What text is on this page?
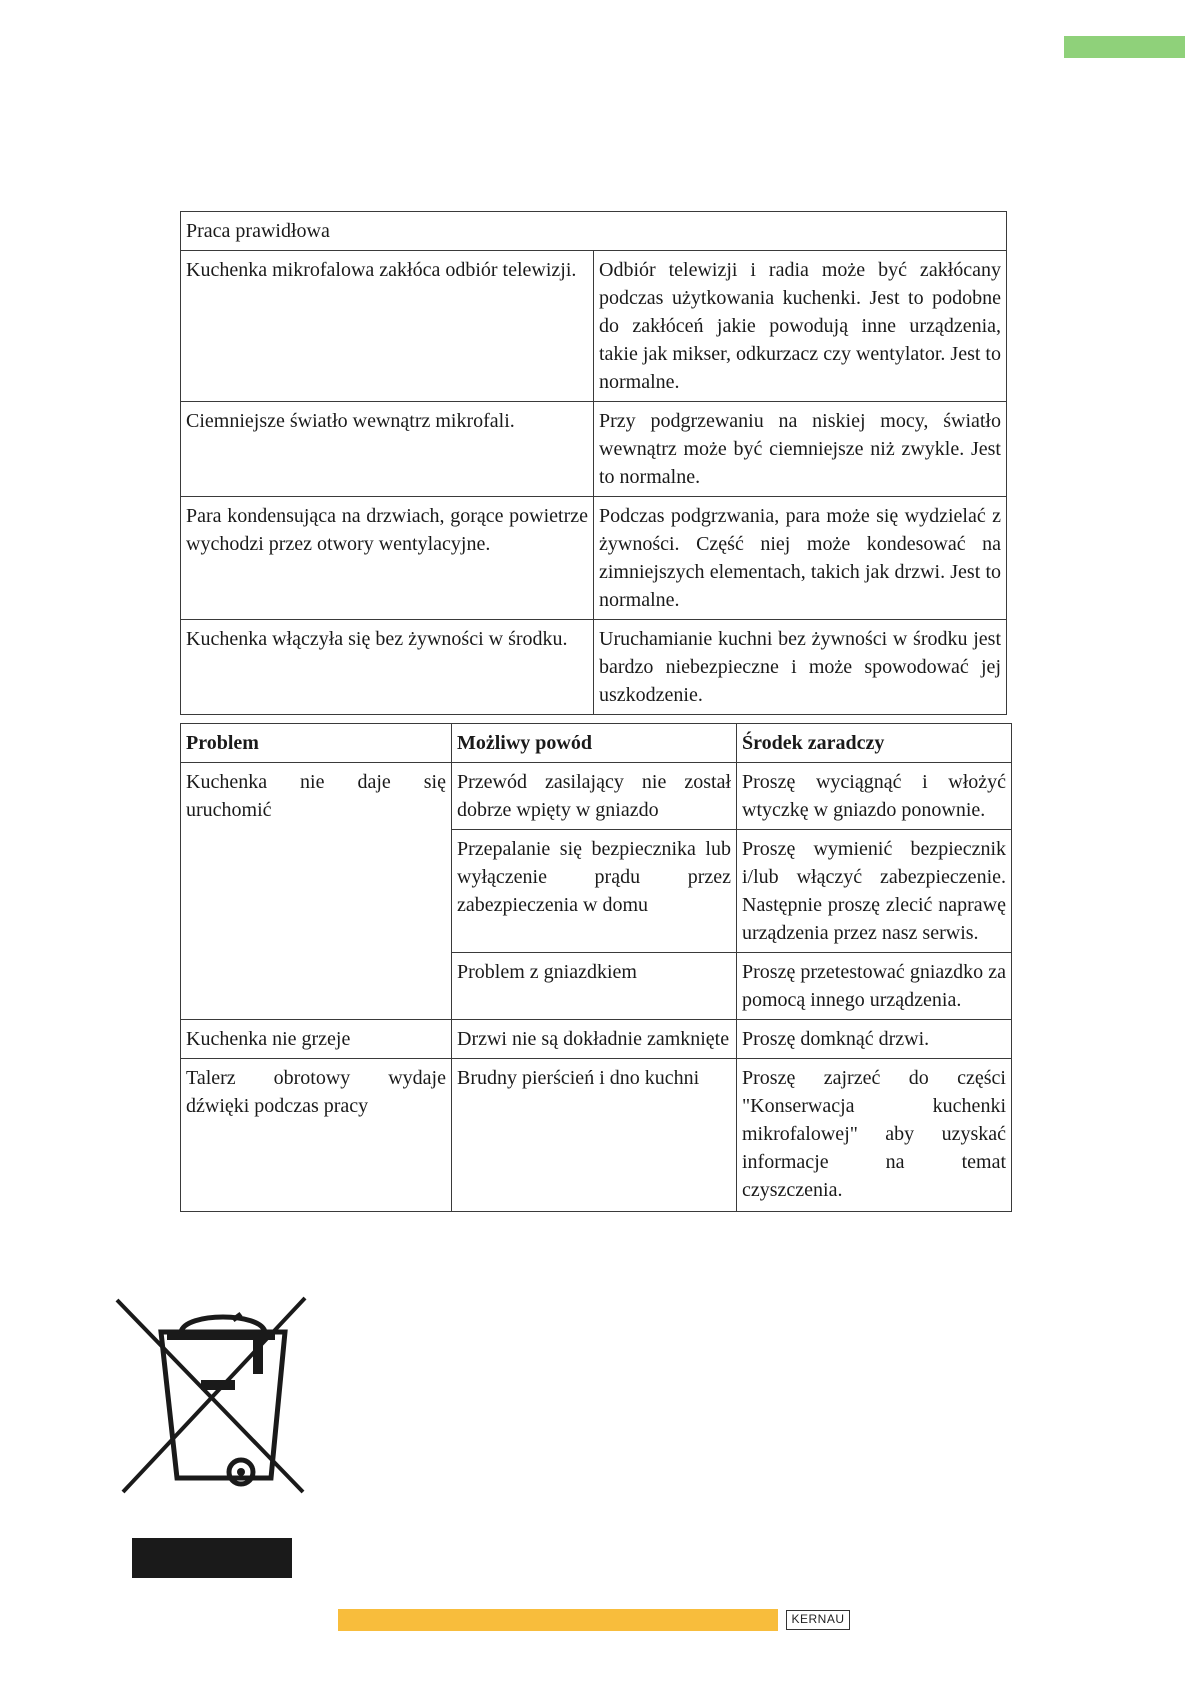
Praca prawidłowa	
Kuchenka mikrofalowa zakłóca odbiór telewizji.	Odbiór telewizji i radia może być zakłócany podczas użytkowania kuchenki. Jest to podobne do zakłóceń jakie powodują inne urządzenia, takie jak mikser, odkurzacz czy wentylator. Jest to normalne.
Ciemniejsze światło wewnątrz mikrofali.	Przy podgrzewaniu na niskiej mocy, światło wewnątrz może być ciemniejsze niż zwykle. Jest to normalne.
Para kondensująca na drzwiach, gorące powietrze wychodzi przez otwory wentylacyjne.	Podczas podgrzwania, para może się wydzielać z żywności. Część niej może kondesować na zimniejszych elementach, takich jak drzwi. Jest to normalne.
Kuchenka włączyła się bez żywności w środku.	Uruchamianie kuchni bez żywności w środku jest bardzo niebezpieczne i może spowodować jej uszkodzenie.
Problem	Możliwy powód	Środek zaradczy
Kuchenka nie daje się uruchomić	Przewód zasilający nie został dobrze wpięty w gniazdo	Proszę wyciągnąć i włożyć wtyczkę w gniazdo ponownie.
	Przepalanie się bezpiecznika lub wyłączenie prądu przez zabezpieczenia w domu	Proszę wymienić bezpiecznik i/lub włączyć zabezpieczenie. Następnie proszę zlecić naprawę urządzenia przez nasz serwis.
	Problem z gniazdkiem	Proszę przetestować gniazdko za pomocą innego urządzenia.
Kuchenka nie grzeje	Drzwi nie są dokładnie zamknięte	Proszę domknąć drzwi.
Talerz obrotowy wydaje dźwięki podczas pracy	Brudny pierścień i dno kuchni	Proszę zajrzeć do części "Konserwacja kuchenki mikrofalowej" aby uzyskać informacje na temat czyszczenia.
KERNAU
